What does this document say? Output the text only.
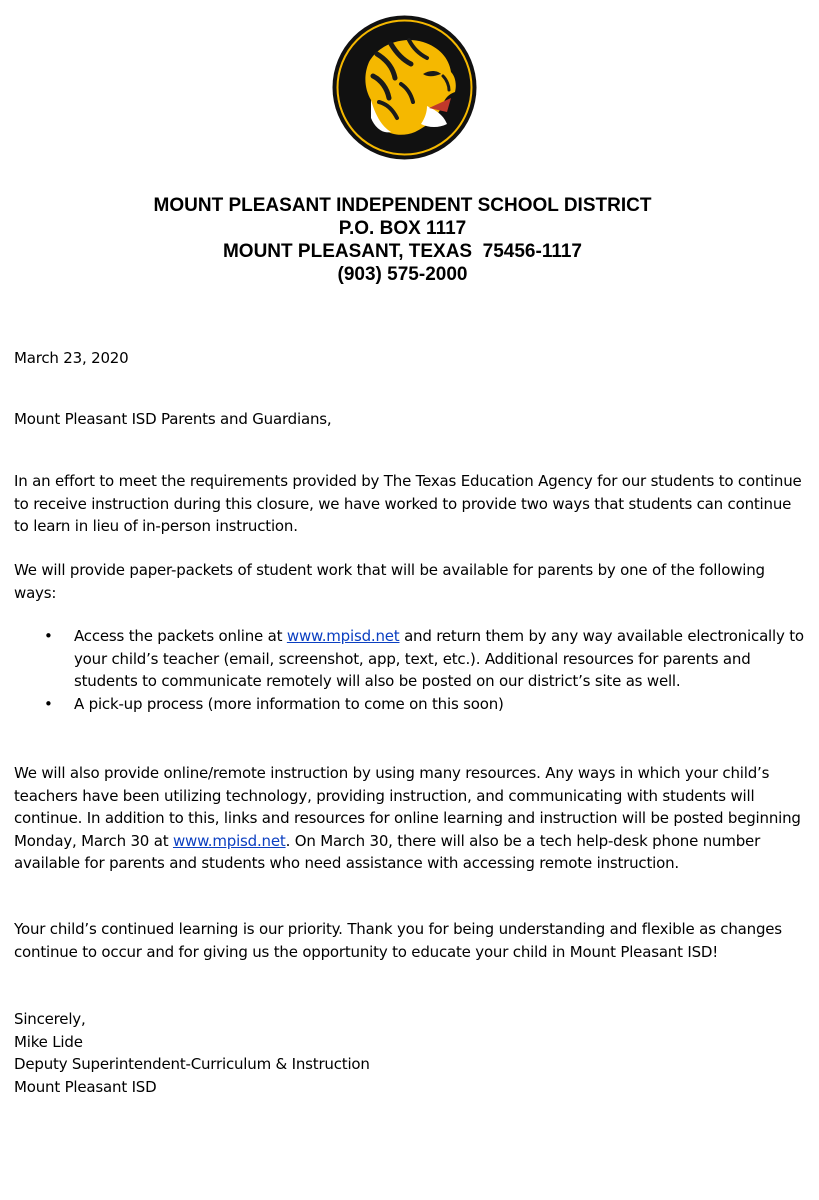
MOUNT PLEASANT INDEPENDENT SCHOOL DISTRICT
P.O. BOX 1117
MOUNT PLEASANT, TEXAS  75456-1117
(903) 575-2000

March 23, 2020

Mount Pleasant ISD Parents and Guardians,

In an effort to meet the requirements provided by The Texas Education Agency for our students to continue to receive instruction during this closure, we have worked to provide two ways that students can continue to learn in lieu of in-person instruction.

We will provide paper-packets of student work that will be available for parents by one of the following ways:

• Access the packets online at www.mpisd.net and return them by any way available electronically to your child’s teacher (email, screenshot, app, text, etc.). Additional resources for parents and students to communicate remotely will also be posted on our district’s site as well.
• A pick-up process (more information to come on this soon)

We will also provide online/remote instruction by using many resources. Any ways in which your child’s teachers have been utilizing technology, providing instruction, and communicating with students will continue. In addition to this, links and resources for online learning and instruction will be posted beginning Monday, March 30 at www.mpisd.net. On March 30, there will also be a tech help-desk phone number available for parents and students who need assistance with accessing remote instruction.

Your child’s continued learning is our priority. Thank you for being understanding and flexible as changes continue to occur and for giving us the opportunity to educate your child in Mount Pleasant ISD!

Sincerely,
Mike Lide
Deputy Superintendent-Curriculum & Instruction
Mount Pleasant ISD
